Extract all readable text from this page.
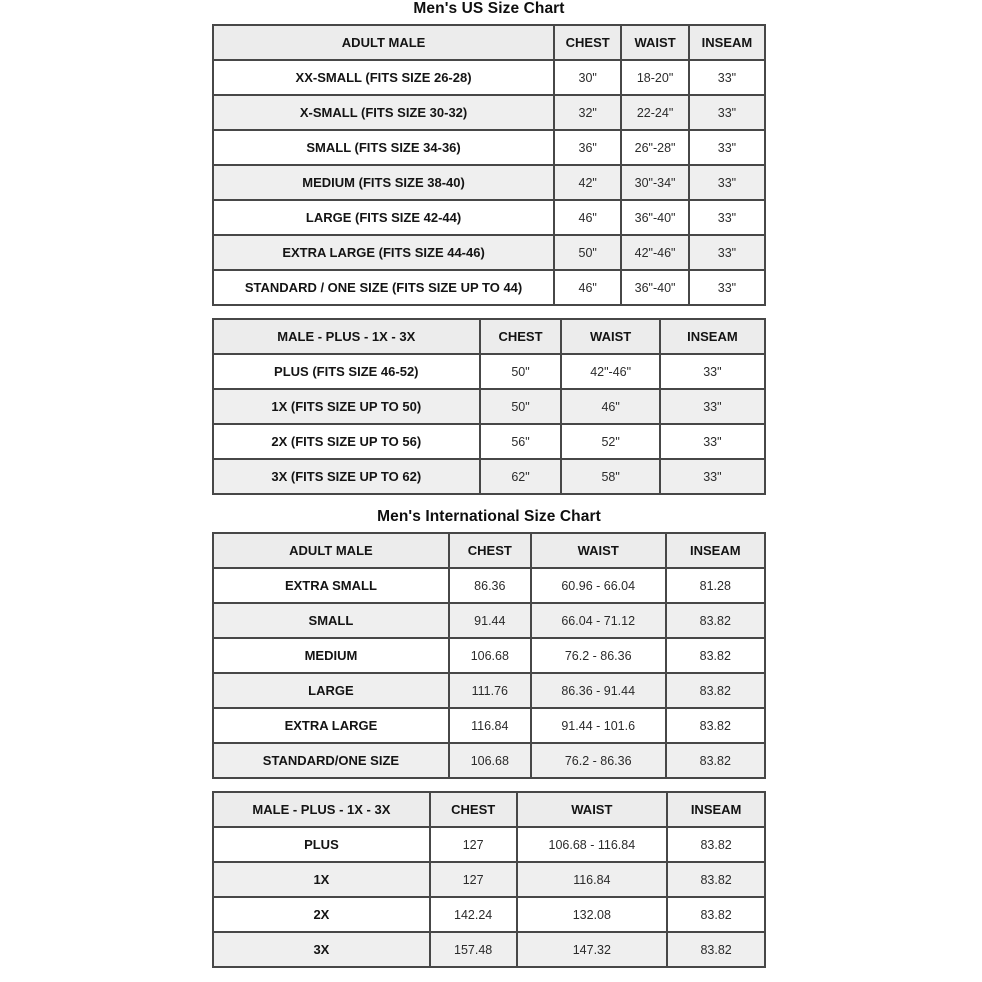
Men's US Size Chart
ADULT MALE	CHEST	WAIST	INSEAM
XX-SMALL (FITS SIZE 26-28)	30"	18-20"	33"
X-SMALL (FITS SIZE 30-32)	32"	22-24"	33"
SMALL (FITS SIZE 34-36)	36"	26"-28"	33"
MEDIUM (FITS SIZE 38-40)	42"	30"-34"	33"
LARGE (FITS SIZE 42-44)	46"	36"-40"	33"
EXTRA LARGE (FITS SIZE 44-46)	50"	42"-46"	33"
STANDARD / ONE SIZE (FITS SIZE UP TO 44)	46"	36"-40"	33"
MALE - PLUS - 1X - 3X	CHEST	WAIST	INSEAM
PLUS (FITS SIZE 46-52)	50"	42"-46"	33"
1X (FITS SIZE UP TO 50)	50"	46"	33"
2X (FITS SIZE UP TO 56)	56"	52"	33"
3X (FITS SIZE UP TO 62)	62"	58"	33"
Men's International Size Chart
ADULT MALE	CHEST	WAIST	INSEAM
EXTRA SMALL	86.36	60.96 - 66.04	81.28
SMALL	91.44	66.04 - 71.12	83.82
MEDIUM	106.68	76.2 - 86.36	83.82
LARGE	111.76	86.36 - 91.44	83.82
EXTRA LARGE	116.84	91.44 - 101.6	83.82
STANDARD/ONE SIZE	106.68	76.2 - 86.36	83.82
MALE - PLUS - 1X - 3X	CHEST	WAIST	INSEAM
PLUS	127	106.68 - 116.84	83.82
1X	127	116.84	83.82
2X	142.24	132.08	83.82
3X	157.48	147.32	83.82
